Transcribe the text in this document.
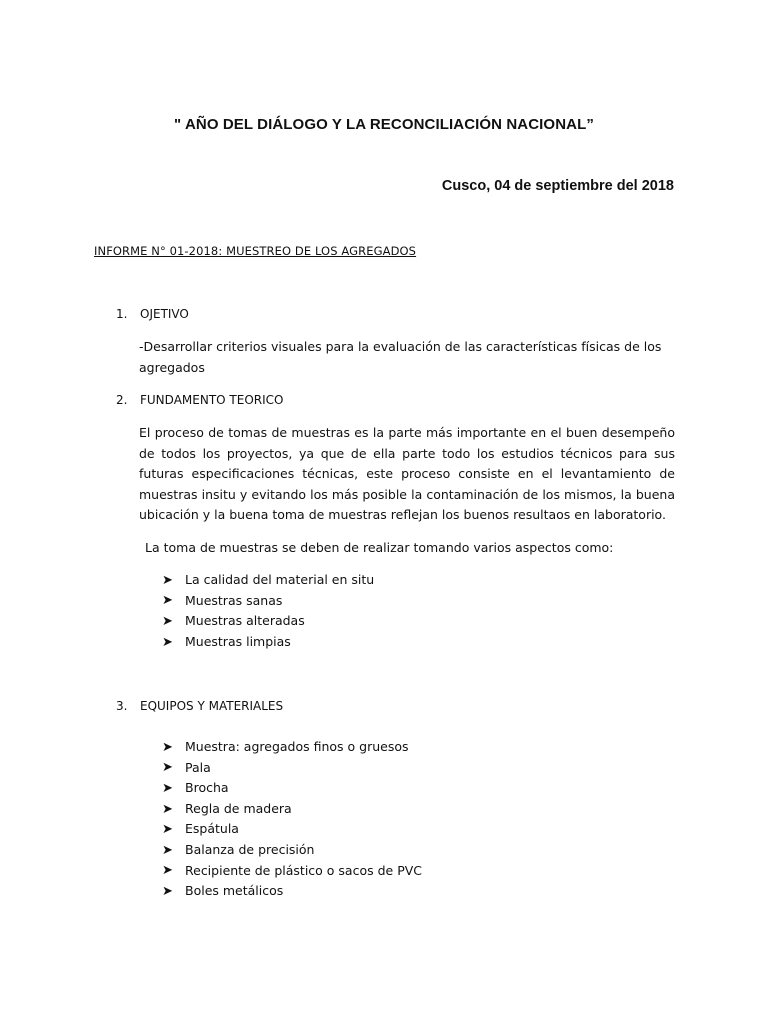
" AÑO DEL DIÁLOGO Y LA RECONCILIACIÓN NACIONAL”
Cusco, 04 de septiembre del 2018
INFORME N° 01-2018: MUESTREO DE LOS AGREGADOS
1. OJETIVO
-Desarrollar criterios visuales para la evaluación de las características físicas de los agregados
2. FUNDAMENTO TEORICO
El proceso de tomas de muestras es la parte más importante en el buen desempeño de todos los proyectos, ya que de ella parte todo los estudios técnicos para sus futuras especificaciones técnicas, este proceso consiste en el levantamiento de muestras insitu y evitando los más posible la contaminación de los mismos, la buena ubicación y la buena toma de muestras reflejan los buenos resultaos en laboratorio.
La toma de muestras se deben de realizar tomando varios aspectos como:
➤ La calidad del material en situ
➤ Muestras sanas
➤ Muestras alteradas
➤ Muestras limpias
3. EQUIPOS Y MATERIALES
➤ Muestra: agregados finos o gruesos
➤ Pala
➤ Brocha
➤ Regla de madera
➤ Espátula
➤ Balanza de precisión
➤ Recipiente de plástico o sacos de PVC
➤ Boles metálicos
